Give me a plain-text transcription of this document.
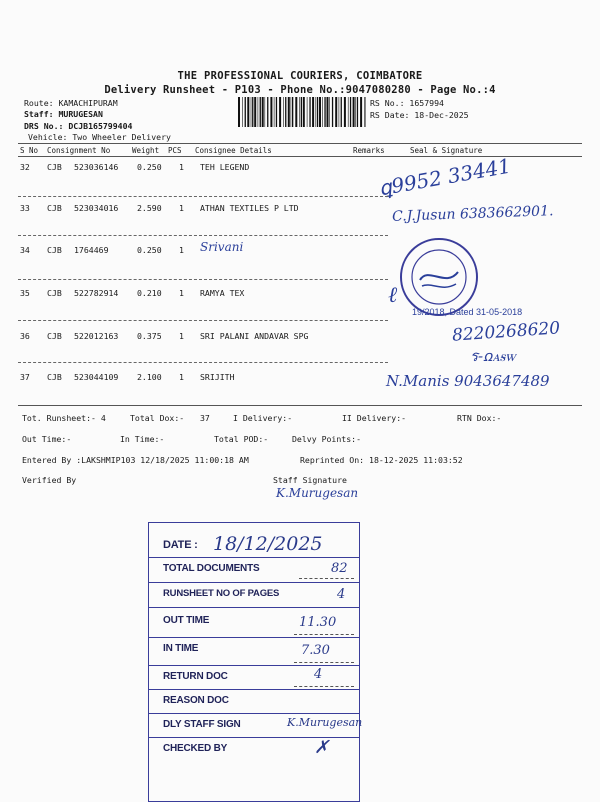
THE PROFESSIONAL COURIERS, COIMBATORE
Delivery Runsheet - P103 - Phone No.:9047080280 - Page No.:4
Route: KAMACHIPURAM
Staff: MURUGESAN
DRS No.: DCJB165799404
Vehicle: Two Wheeler Delivery
RS No.: 1657994
RS Date: 18-Dec-2025
S No Consignment No	Weight PCS Consignee Details	Remarks	Seal & Signature
32 CJB 523036146 0.250 1 TEH LEGEND
ꝗ9952 33441
33 CJB 523034016 2.590 1 ATHAN TEXTILES P LTD	C.J.Jusun 6383662901.
34 CJB 1764469	0.250 1 Srivani
35 CJB 522782914 0.210 1 RAMYA TEX	ℓ
19/2018, Dated 31-05-2018
36 CJB 522012163 0.375 1 SRI PALANI ANDAVAR SPG	8220268620
ร-ꭥꭺꭶꮃ
37 CJB 523044109 2.100 1 SRIJITH	N.Manis 9043647489
Tot. Runsheet:- 4	Total Dox:- 37	I Delivery:-	II Delivery:-	RTN Dox:-
Out Time:-	In Time:-	Total POD:-	Delvy Points:-
Entered By :LAKSHMIP103 12/18/2025 11:00:18 AM	Reprinted On: 18-12-2025 11:03:52
Verified By	Staff Signature
K.Murugesan
DATE : 18/12/2025
TOTAL DOCUMENTS	82
RUNSHEET NO OF PAGES	4
OUT TIME	11.30
IN TIME	7.30
RETURN DOC	4
REASON DOC
DLY STAFF SIGN	K.Murugesan
CHECKED BY	✗
